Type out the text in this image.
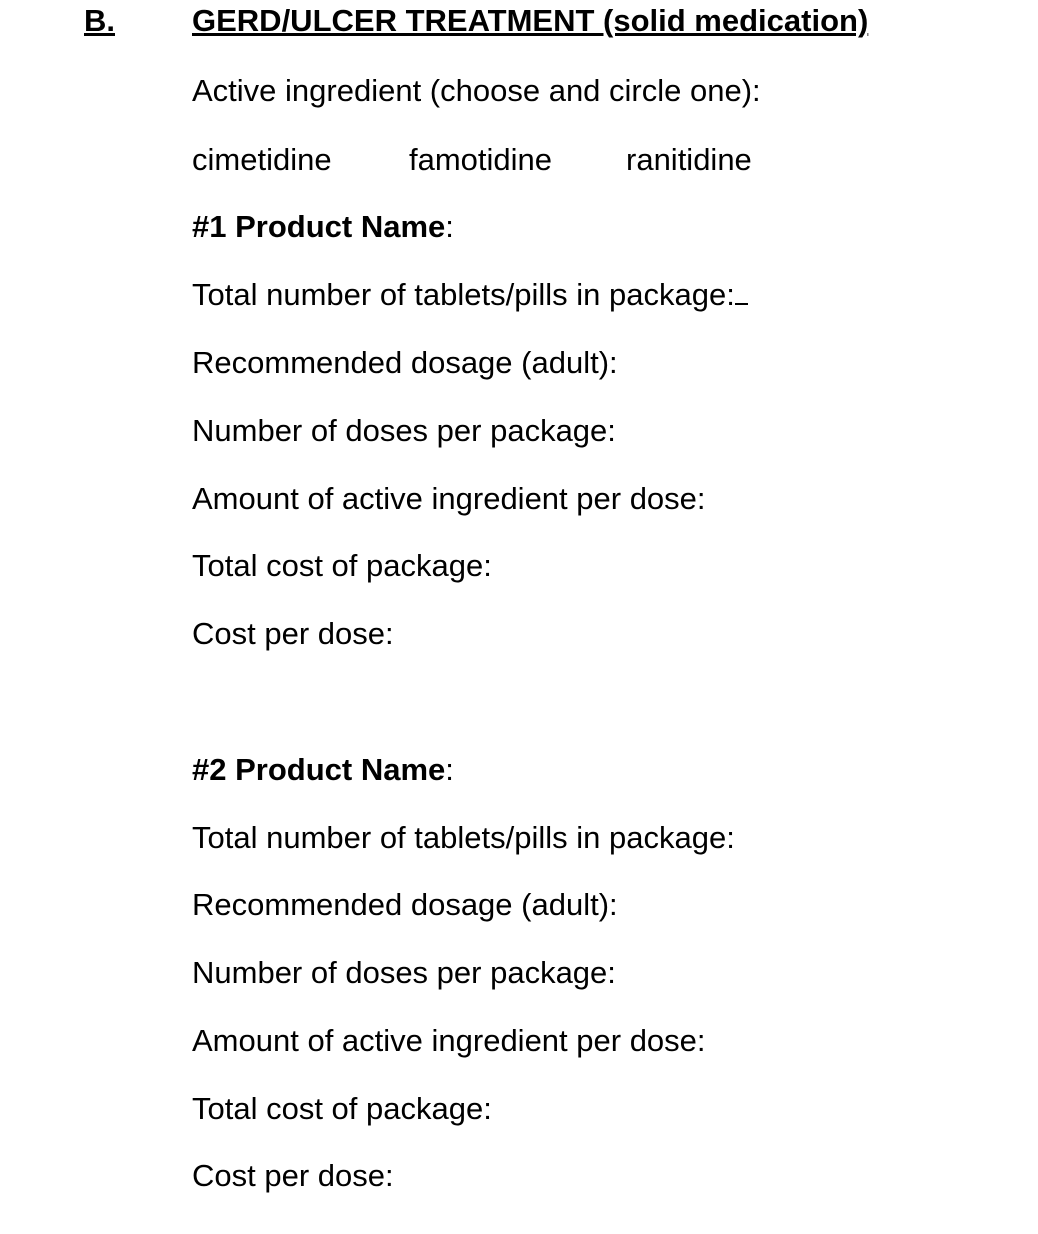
B. GERD/ULCER TREATMENT (solid medication)
Active ingredient (choose and circle one):
cimetidine famotidine ranitidine
#1 Product Name:
Total number of tablets/pills in package:
Recommended dosage (adult):
Number of doses per package:
Amount of active ingredient per dose:
Total cost of package:
Cost per dose:
#2 Product Name:
Total number of tablets/pills in package:
Recommended dosage (adult):
Number of doses per package:
Amount of active ingredient per dose:
Total cost of package:
Cost per dose:
